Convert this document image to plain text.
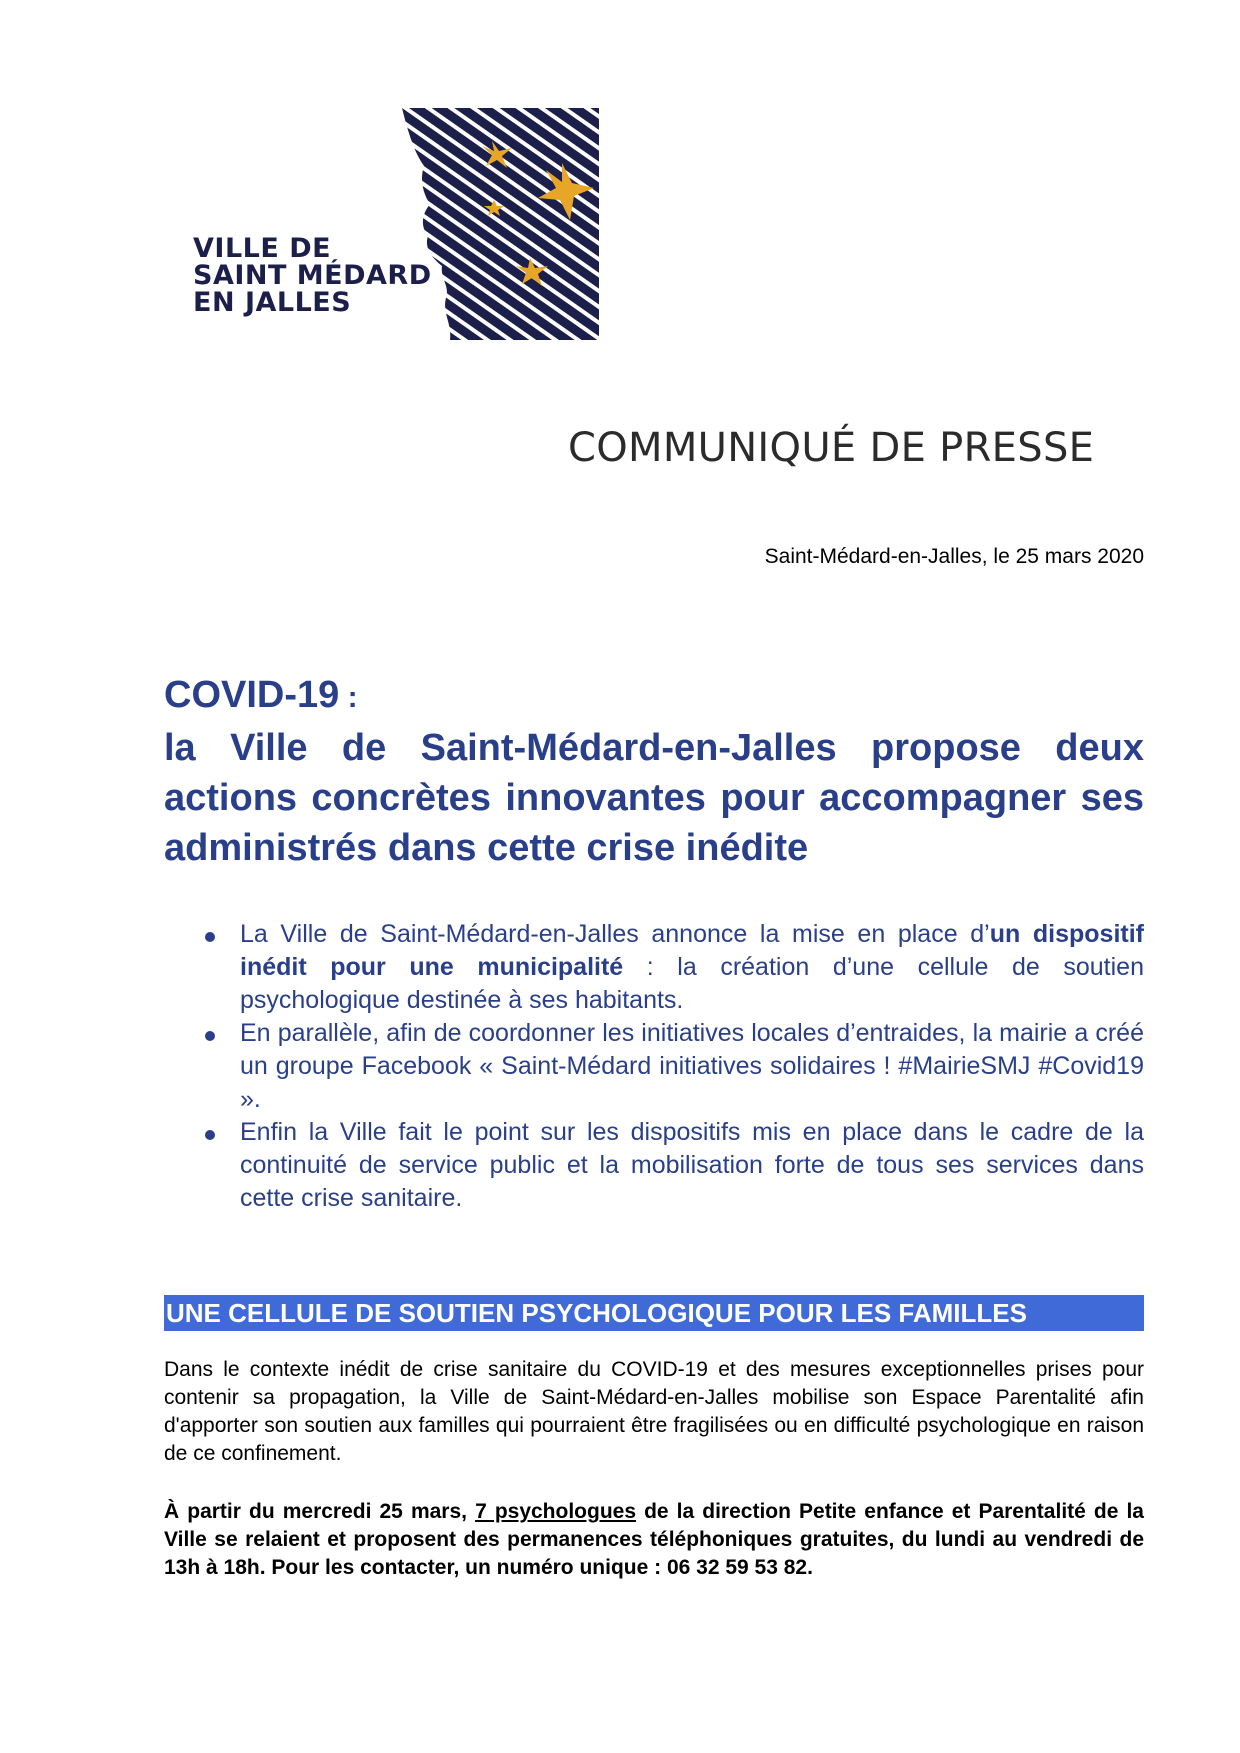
VILLE DE
SAINT MÉDARD
EN JALLES
COMMUNIQUÉ DE PRESSE
Saint-Médard-en-Jalles, le 25 mars 2020
COVID-19 :
la Ville de Saint-Médard-en-Jalles propose deux actions concrètes innovantes pour accompagner ses administrés dans cette crise inédite
La Ville de Saint-Médard-en-Jalles annonce la mise en place d’un dispositif inédit pour une municipalité : la création d’une cellule de soutien psychologique destinée à ses habitants.
En parallèle, afin de coordonner les initiatives locales d’entraides, la mairie a créé un groupe Facebook « Saint-Médard initiatives solidaires ! #MairieSMJ #Covid19 ».
Enfin la Ville fait le point sur les dispositifs mis en place dans le cadre de la continuité de service public et la mobilisation forte de tous ses services dans cette crise sanitaire.
UNE CELLULE DE SOUTIEN PSYCHOLOGIQUE POUR LES FAMILLES

Dans le contexte inédit de crise sanitaire du COVID-19 et des mesures exceptionnelles prises pour contenir sa propagation, la Ville de Saint-Médard-en-Jalles mobilise son Espace Parentalité afin d'apporter son soutien aux familles qui pourraient être fragilisées ou en difficulté psychologique en raison de ce confinement.

À partir du mercredi 25 mars, 7 psychologues de la direction Petite enfance et Parentalité de la Ville se relaient et proposent des permanences téléphoniques gratuites, du lundi au vendredi de 13h à 18h. Pour les contacter, un numéro unique : 06 32 59 53 82.
